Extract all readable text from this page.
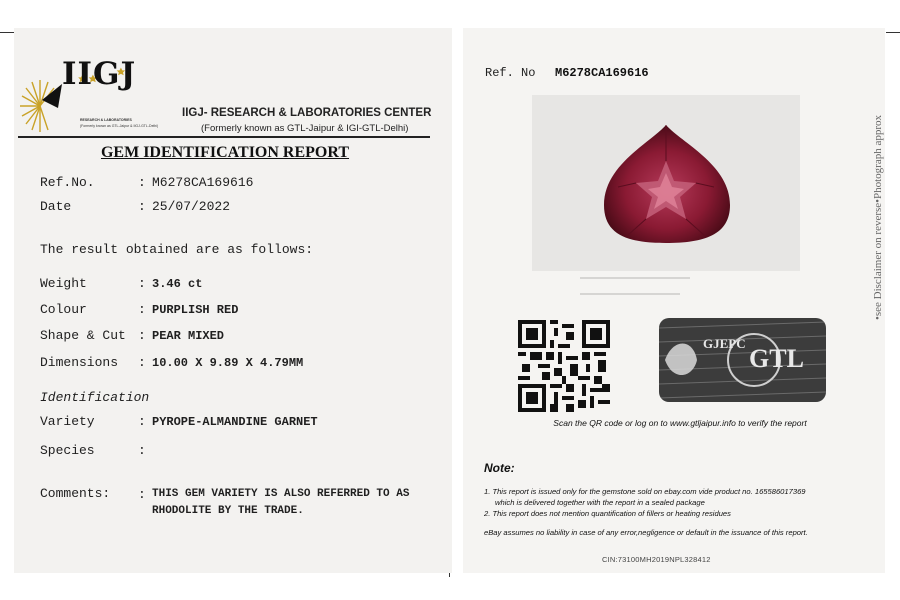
IIGJ
RESEARCH & LABORATORIES
(Formerly known as GTL-Jaipur & IIGJ-GTL-Delhi)
IIGJ- RESEARCH & LABORATORIES CENTER
(Formerly known as GTL-Jaipur & IGI-GTL-Delhi)
GEM IDENTIFICATION REPORT
Ref.No.	: M6278CA169616
Date	: 25/07/2022
The result obtained are as follows:
Weight	: 3.46 ct
Colour	: PURPLISH RED
Shape & Cut : PEAR MIXED
Dimensions : 10.00 X 9.89 X 4.79MM
Identification
Variety	: PYROPE-ALMANDINE GARNET
Species	:
Comments: : THIS GEM VARIETY IS ALSO REFERRED TO AS
RHODOLITE BY THE TRADE.
Ref. No M6278CA169616
GTL
GJEPC
Scan the QR code or log on to www.gtljaipur.info to verify the report
Note:
1. This report is issued only for the gemstone sold on ebay.com vide product no. 165586017369
which is delivered together with the report in a sealed package
2. This report does not mention quantification of fillers or heating residues
eBay assumes no liability in case of any error,negligence or default in the issuance of this report.
CIN:73100MH2019NPL328412
•see Disclaimer on reverse•Photograph approx
